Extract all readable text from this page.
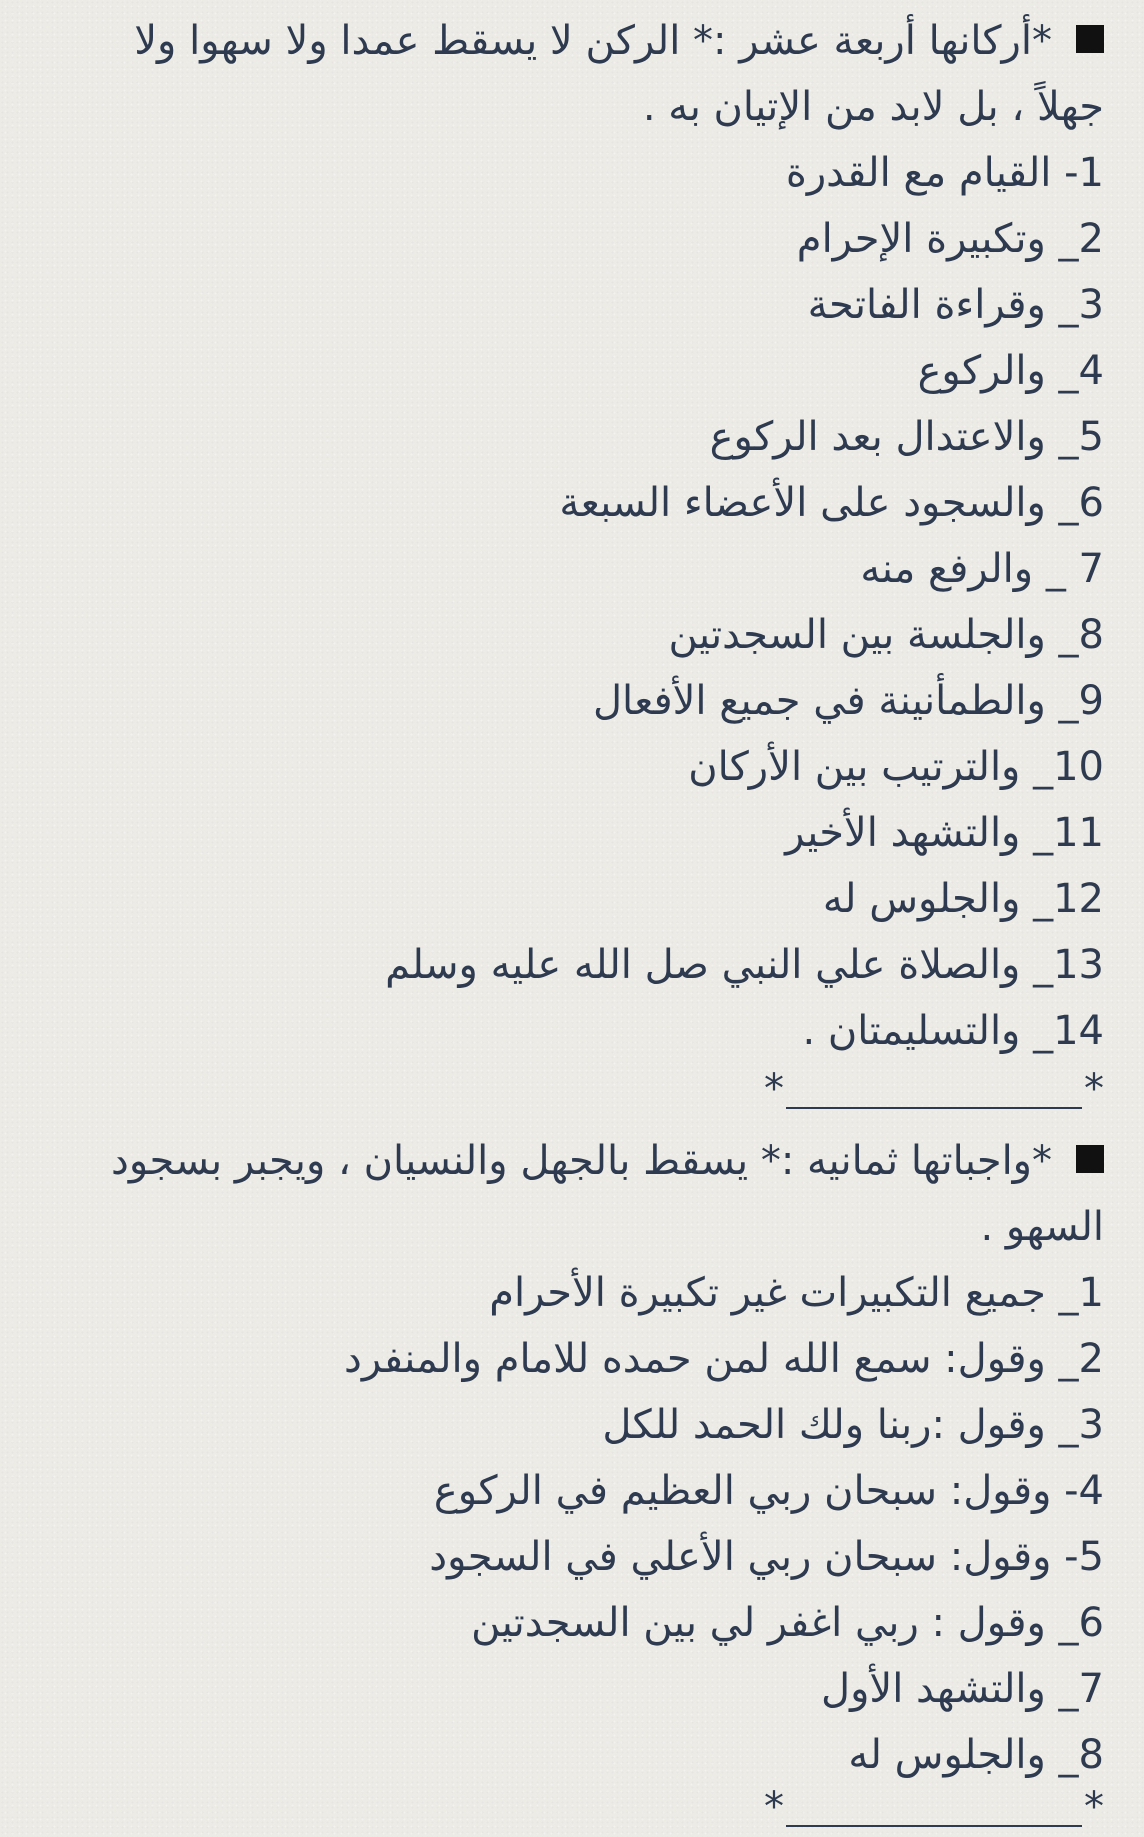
*أركانها أربعة عشر :* الركن لا يسقط عمدا ولا سهوا ولا
جهلاً ، بل لابد من الإتيان به .
1- القيام مع القدرة
2_ وتكبيرة الإحرام
3_ وقراءة الفاتحة
4_ والركوع
5_ والاعتدال بعد الركوع
6_ والسجود على الأعضاء السبعة
7 _ والرفع منه
8_ والجلسة بين السجدتين
9_ والطمأنينة في جميع الأفعال
10_ والترتيب بين الأركان
11_ والتشهد الأخير
12_ والجلوس له
13_ والصلاة علي النبي صل الله عليه وسلم
14_ والتسليمتان .
*	*
*واجباتها ثمانيه :* يسقط بالجهل والنسيان ، ويجبر بسجود
السهو .
1_ جميع التكبيرات غير تكبيرة الأحرام
2_ وقول: سمع الله لمن حمده للامام والمنفرد
3_ وقول :ربنا ولك الحمد للكل
4- وقول: سبحان ربي العظيم في الركوع
5- وقول: سبحان ربي الأعلي في السجود
6_ وقول : ربي اغفر لي بين السجدتين
7_ والتشهد الأول
8_ والجلوس له
*	*
